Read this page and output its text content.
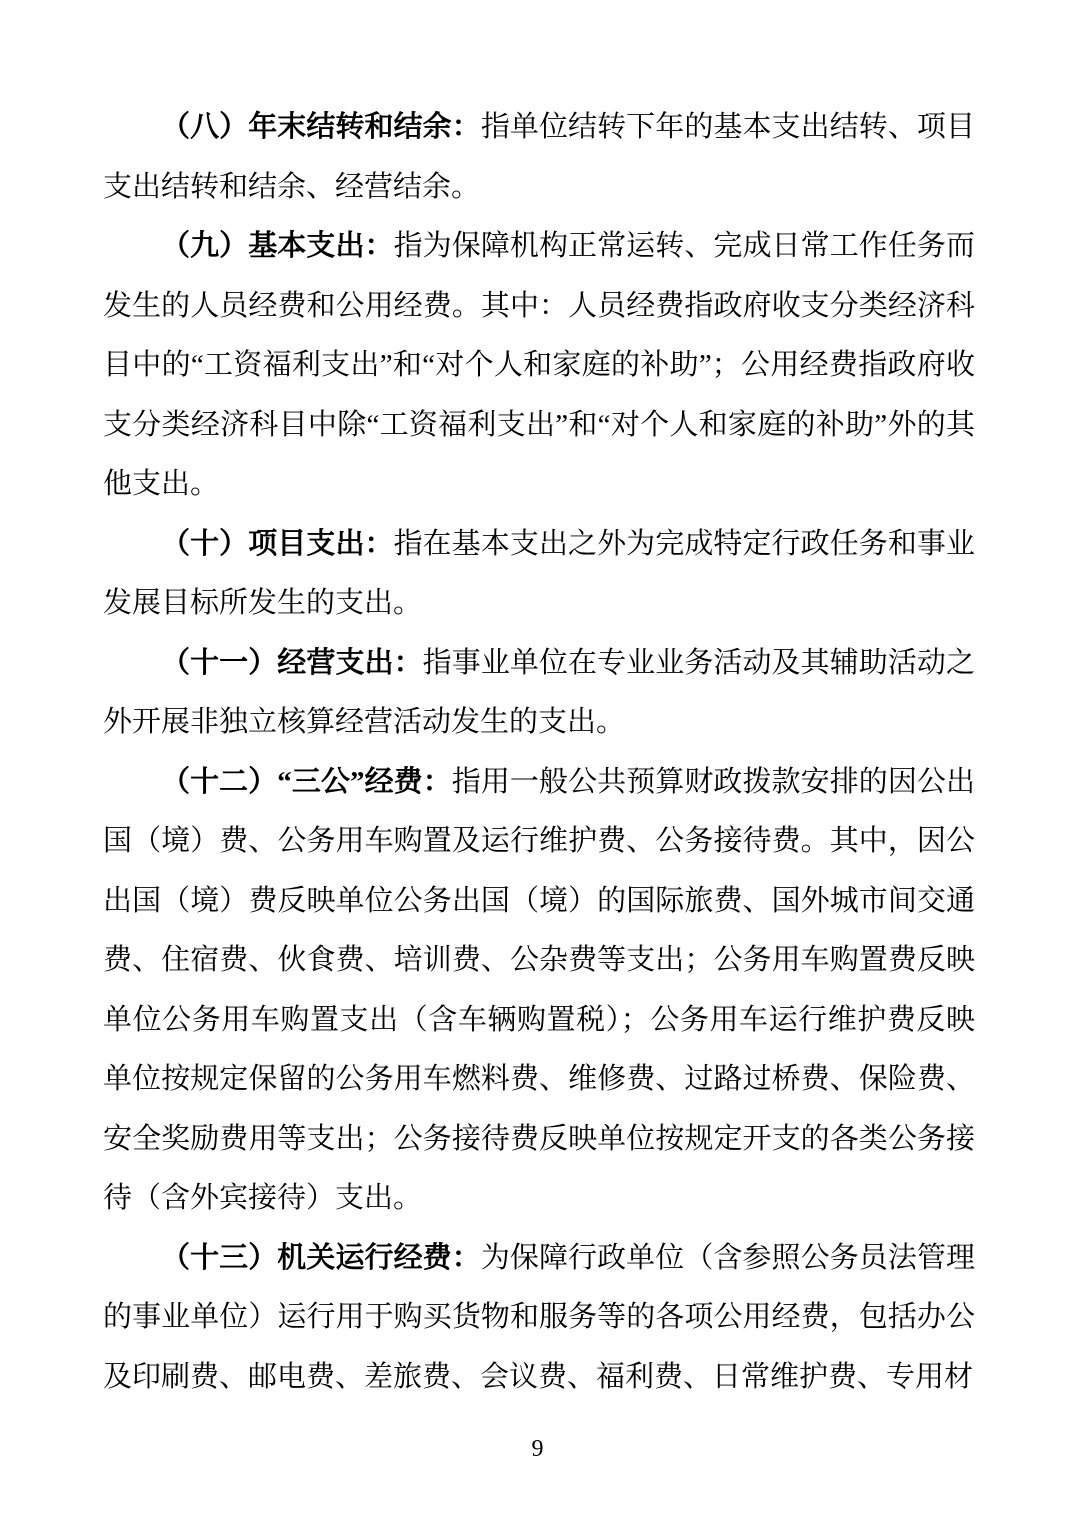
（八）年末结转和结余：指单位结转下年的基本支出结转、项目支出结转和结余、经营结余。

（九）基本支出：指为保障机构正常运转、完成日常工作任务而发生的人员经费和公用经费。其中：人员经费指政府收支分类经济科目中的“工资福利支出”和“对个人和家庭的补助”；公用经费指政府收支分类经济科目中除“工资福利支出”和“对个人和家庭的补助”外的其他支出。

（十）项目支出：指在基本支出之外为完成特定行政任务和事业发展目标所发生的支出。

（十一）经营支出：指事业单位在专业业务活动及其辅助活动之外开展非独立核算经营活动发生的支出。

（十二）“三公”经费：指用一般公共预算财政拨款安排的因公出国（境）费、公务用车购置及运行维护费、公务接待费。其中，因公出国（境）费反映单位公务出国（境）的国际旅费、国外城市间交通费、住宿费、伙食费、培训费、公杂费等支出；公务用车购置费反映单位公务用车购置支出（含车辆购置税）；公务用车运行维护费反映单位按规定保留的公务用车燃料费、维修费、过路过桥费、保险费、安全奖励费用等支出；公务接待费反映单位按规定开支的各类公务接待（含外宾接待）支出。

（十三）机关运行经费：为保障行政单位（含参照公务员法管理的事业单位）运行用于购买货物和服务等的各项公用经费，包括办公及印刷费、邮电费、差旅费、会议费、福利费、日常维护费、专用材

9
